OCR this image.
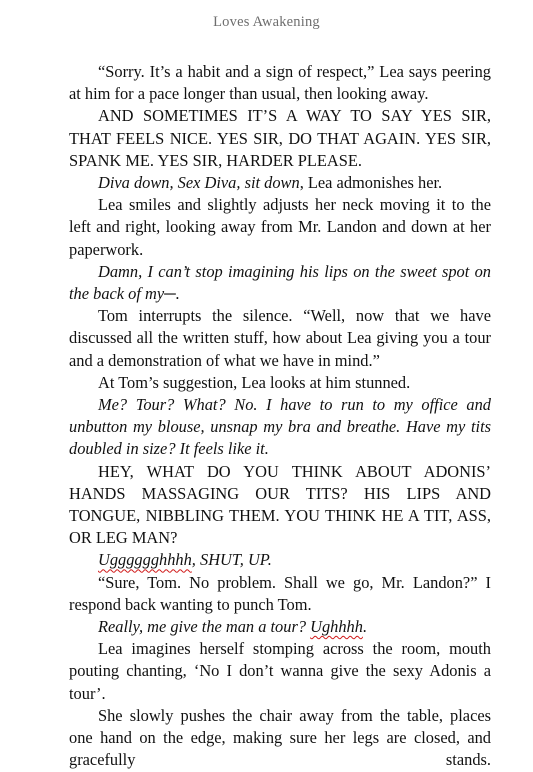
Loves Awakening

“Sorry. It’s a habit and a sign of respect,” Lea says peering at him for a pace longer than usual, then looking away.

AND SOMETIMES IT’S A WAY TO SAY YES SIR, THAT FEELS NICE. YES SIR, DO THAT AGAIN. YES SIR, SPANK ME. YES SIR, HARDER PLEASE.

Diva down, Sex Diva, sit down, Lea admonishes her.

Lea smiles and slightly adjusts her neck moving it to the left and right, looking away from Mr. Landon and down at her paperwork.

Damn, I can’t stop imagining his lips on the sweet spot on the back of my─.

Tom interrupts the silence. “Well, now that we have discussed all the written stuff, how about Lea giving you a tour and a demonstration of what we have in mind.”

At Tom’s suggestion, Lea looks at him stunned.

Me? Tour? What? No. I have to run to my office and unbutton my blouse, unsnap my bra and breathe. Have my tits doubled in size? It feels like it.

HEY, WHAT DO YOU THINK ABOUT ADONIS’ HANDS MASSAGING OUR TITS? HIS LIPS AND TONGUE, NIBBLING THEM. YOU THINK HE A TIT, ASS, OR LEG MAN?

Ugggggghhhh, SHUT, UP.

“Sure, Tom. No problem. Shall we go, Mr. Landon?” I respond back wanting to punch Tom.

Really, me give the man a tour? Ughhhh.

Lea imagines herself stomping across the room, mouth pouting chanting, ‘No I don’t wanna give the sexy Adonis a tour’.

She slowly pushes the chair away from the table, places one hand on the edge, making sure her legs are closed, and gracefully stands.
